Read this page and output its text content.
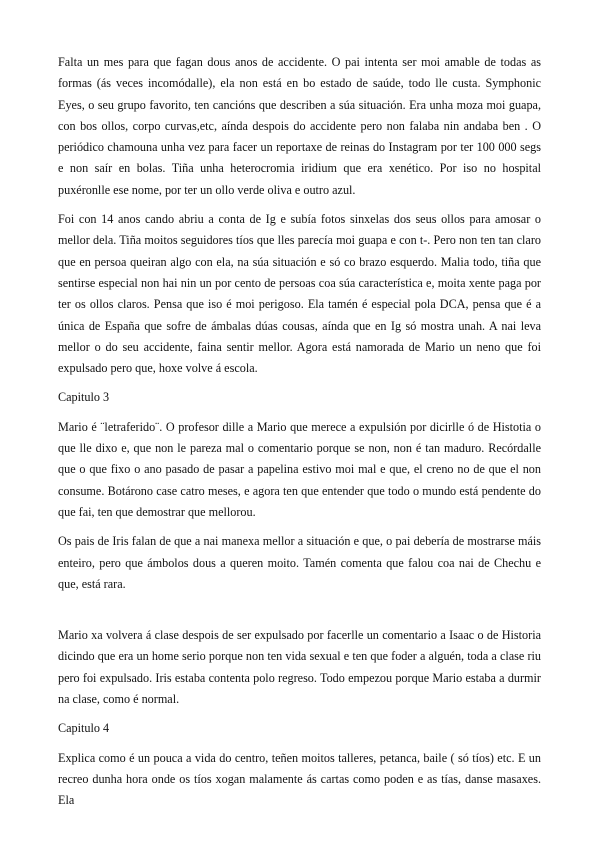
Falta un mes para que fagan dous anos de accidente. O pai intenta ser moi amable de todas as formas (ás veces incomódalle), ela non está en bo estado de saúde, todo lle custa. Symphonic Eyes, o seu grupo favorito, ten cancións que describen a súa situación. Era unha moza moi guapa, con bos ollos, corpo curvas,etc, aínda despois do accidente pero non falaba nin andaba ben . O periódico chamouna unha vez para facer un reportaxe de reinas do Instagram por ter 100 000 segs e non saír en bolas. Tiña unha heterocromia iridium que era xenético. Por iso no hospital puxéronlle ese nome, por ter un ollo verde oliva e outro azul.

Foi con 14 anos cando abriu a conta de Ig e subía fotos sinxelas dos seus ollos para amosar o mellor dela. Tiña moitos seguidores tíos que lles parecía moi guapa e con t-. Pero non ten tan claro que en persoa queiran algo con ela, na súa situación e só co brazo esquerdo. Malia todo, tiña que sentirse especial non hai nin un por cento de persoas coa súa característica e, moita xente paga por ter os ollos claros. Pensa que iso é moi perigoso. Ela tamén é especial pola DCA, pensa que é a única de España que sofre de ámbalas dúas cousas, aínda que en Ig só mostra unah. A nai leva mellor o do seu accidente, faina sentir mellor. Agora está namorada de Mario un neno que foi expulsado pero que, hoxe volve á escola.

Capitulo 3

Mario é ¨letraferido¨. O profesor dille a Mario que merece a expulsión por dicirlle ó de Histotia o que lle dixo e, que non le pareza mal o comentario porque se non, non é tan maduro. Recórdalle que o que fixo o ano pasado de pasar a papelina estivo moi mal e que, el creno no de que el non consume. Botárono case catro meses, e agora ten que entender que todo o mundo está pendente do que fai, ten que demostrar que mellorou.

Os pais de Iris falan de que a nai manexa mellor a situación e que, o pai debería de mostrarse máis enteiro, pero que ámbolos dous a queren moito. Tamén comenta que falou coa nai de Chechu e que, está rara.

Mario xa volvera á clase despois de ser expulsado por facerlle un comentario a Isaac o de Historia dicindo que era un home serio porque non ten vida sexual e ten que foder a alguén, toda a clase riu pero foi expulsado. Iris estaba contenta polo regreso. Todo empezou porque Mario estaba a durmir na clase, como é normal.

Capitulo 4

Explica como é un pouca a vida do centro, teñen moitos talleres, petanca, baile ( só tíos) etc. E un recreo dunha hora onde os tíos xogan malamente ás cartas como poden e as tías, danse masaxes. Ela
